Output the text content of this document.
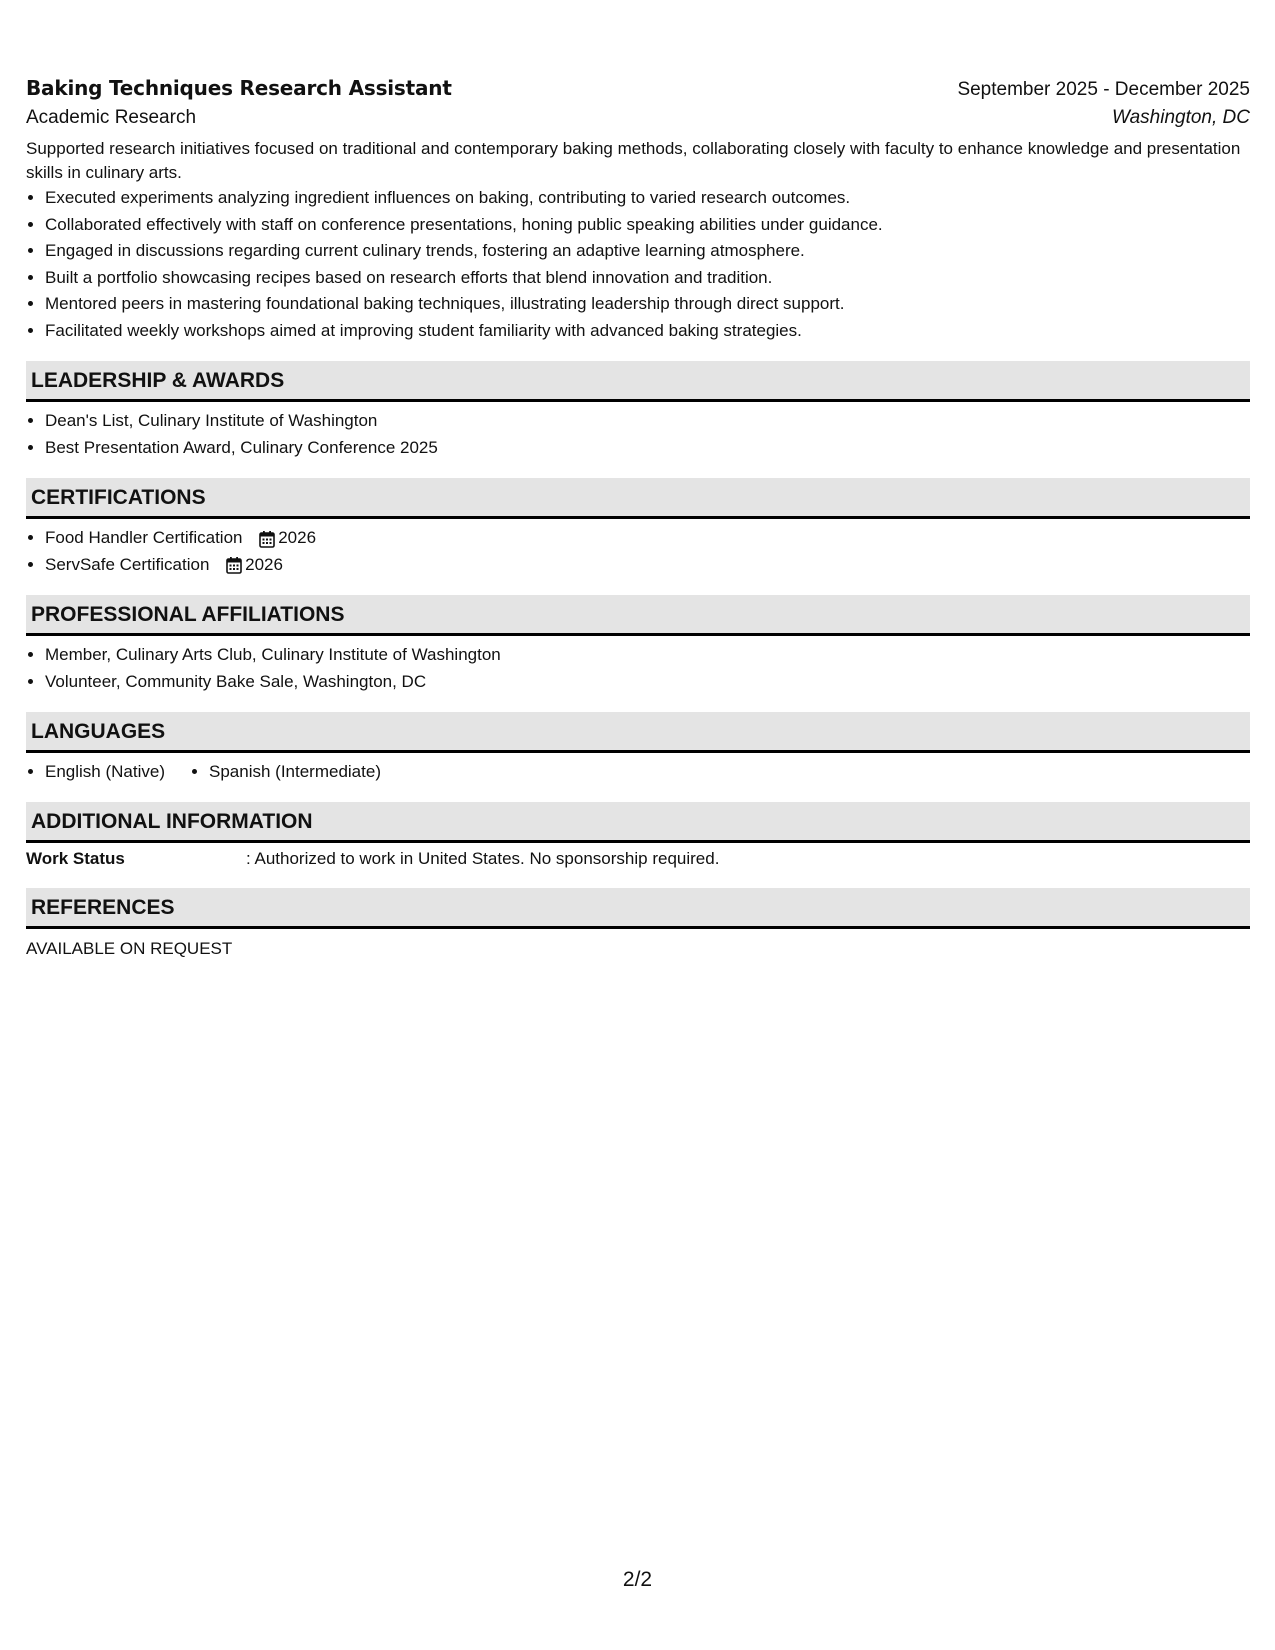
Baking Techniques Research Assistant	September 2025 - December 2025
Academic Research	Washington, DC
Supported research initiatives focused on traditional and contemporary baking methods, collaborating closely with faculty to enhance knowledge and presentation skills in culinary arts.
• Executed experiments analyzing ingredient influences on baking, contributing to varied research outcomes.
• Collaborated effectively with staff on conference presentations, honing public speaking abilities under guidance.
• Engaged in discussions regarding current culinary trends, fostering an adaptive learning atmosphere.
• Built a portfolio showcasing recipes based on research efforts that blend innovation and tradition.
• Mentored peers in mastering foundational baking techniques, illustrating leadership through direct support.
• Facilitated weekly workshops aimed at improving student familiarity with advanced baking strategies.
LEADERSHIP & AWARDS
• Dean's List, Culinary Institute of Washington
• Best Presentation Award, Culinary Conference 2025
CERTIFICATIONS
• Food Handler Certification 2026
• ServSafe Certification 2026
PROFESSIONAL AFFILIATIONS
• Member, Culinary Arts Club, Culinary Institute of Washington
• Volunteer, Community Bake Sale, Washington, DC
LANGUAGES
• English (Native)
•	Spanish (Intermediate)
ADDITIONAL INFORMATION
Work Status	: Authorized to work in United States. No sponsorship required.
REFERENCES
AVAILABLE ON REQUEST
2/2
